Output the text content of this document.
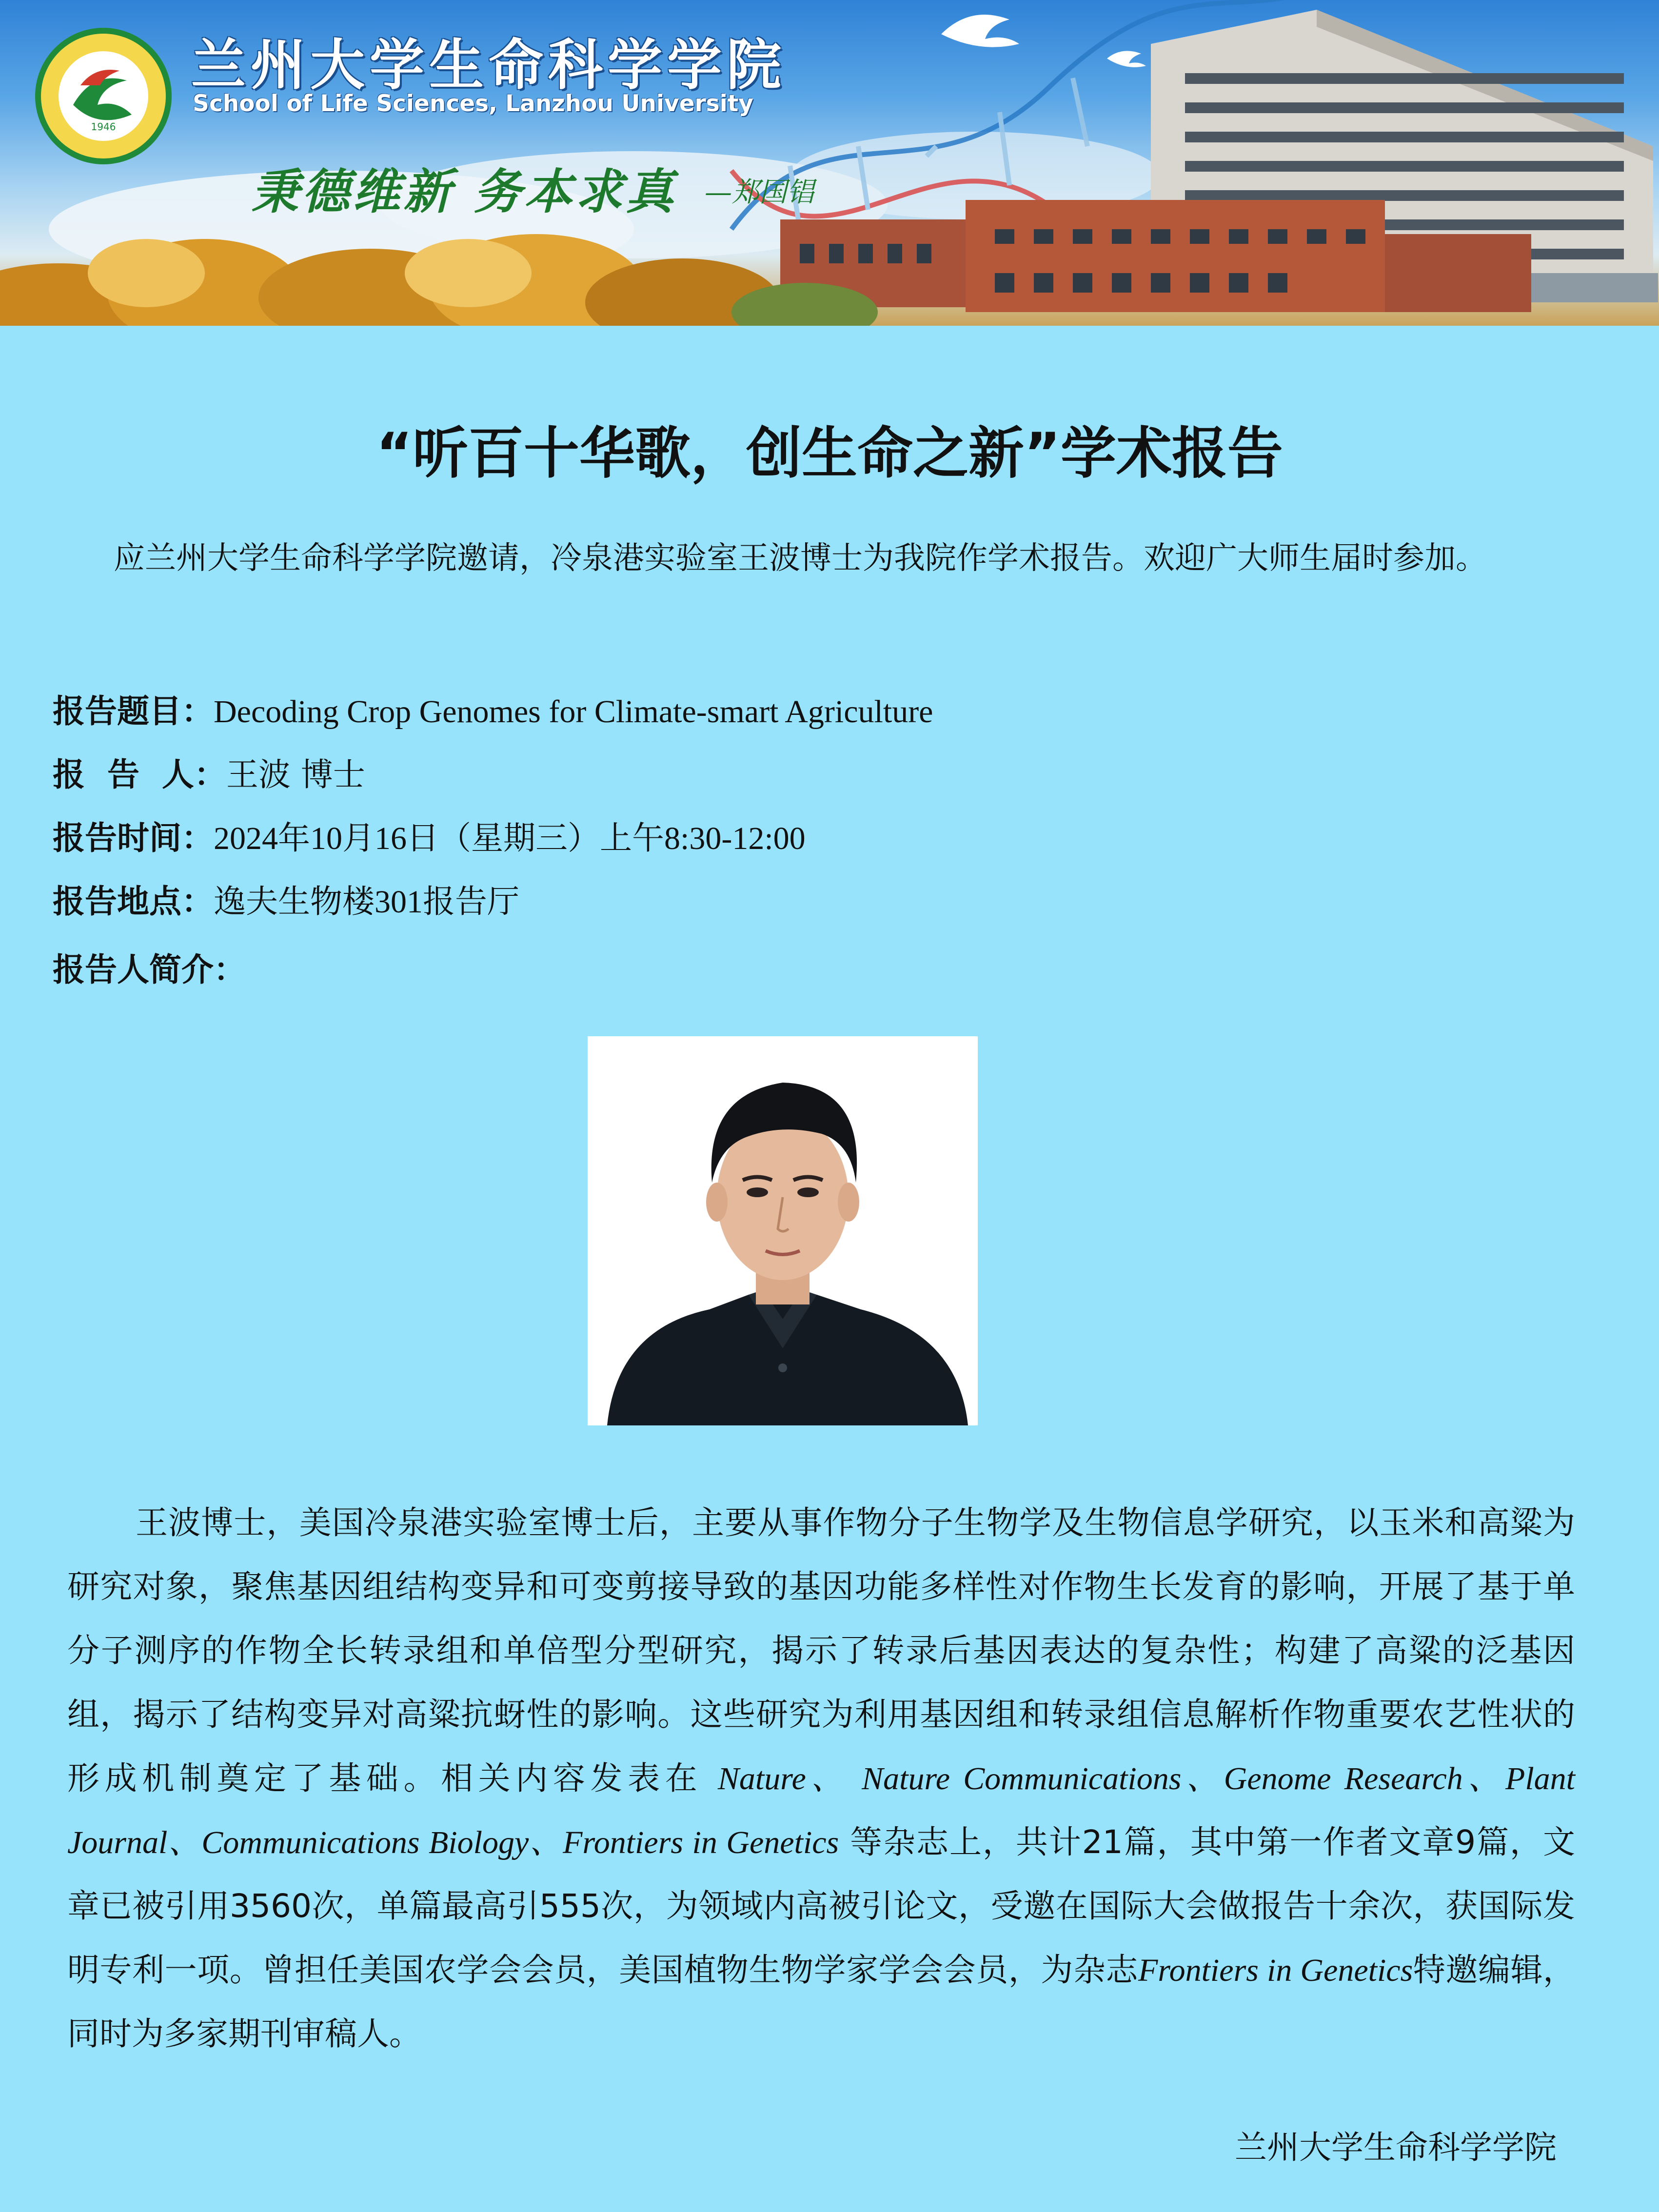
1946
兰州大学生命科学学院
School of Life Sciences, Lanzhou University
秉德维新 务本求真 —郑国锠
“听百十华歌，创生命之新”学术报告
应兰州大学生命科学学院邀请，冷泉港实验室王波博士为我院作学术报告。欢迎广大师生届时参加。
报告题目：Decoding Crop Genomes for Climate-smart Agriculture
报  告  人：王波 博士
报告时间：2024年10月16日（星期三）上午8:30-12:00
报告地点：逸夫生物楼301报告厅
报告人简介：
王波博士，美国冷泉港实验室博士后，主要从事作物分子生物学及生物信息学研究，以玉米和高粱为研究对象，聚焦基因组结构变异和可变剪接导致的基因功能多样性对作物生长发育的影响，开展了基于单分子测序的作物全长转录组和单倍型分型研究，揭示了转录后基因表达的复杂性；构建了高粱的泛基因组，揭示了结构变异对高粱抗蚜性的影响。这些研究为利用基因组和转录组信息解析作物重要农艺性状的形成机制奠定了基础。相关内容发表在 Nature、 Nature Communications、Genome Research、Plant Journal、Communications Biology、Frontiers in Genetics 等杂志上，共计21篇，其中第一作者文章9篇，文章已被引用3560次，单篇最高引555次，为领域内高被引论文，受邀在国际大会做报告十余次，获国际发明专利一项。曾担任美国农学会会员，美国植物生物学家学会会员，为杂志Frontiers in Genetics特邀编辑，同时为多家期刊审稿人。
兰州大学生命科学学院
